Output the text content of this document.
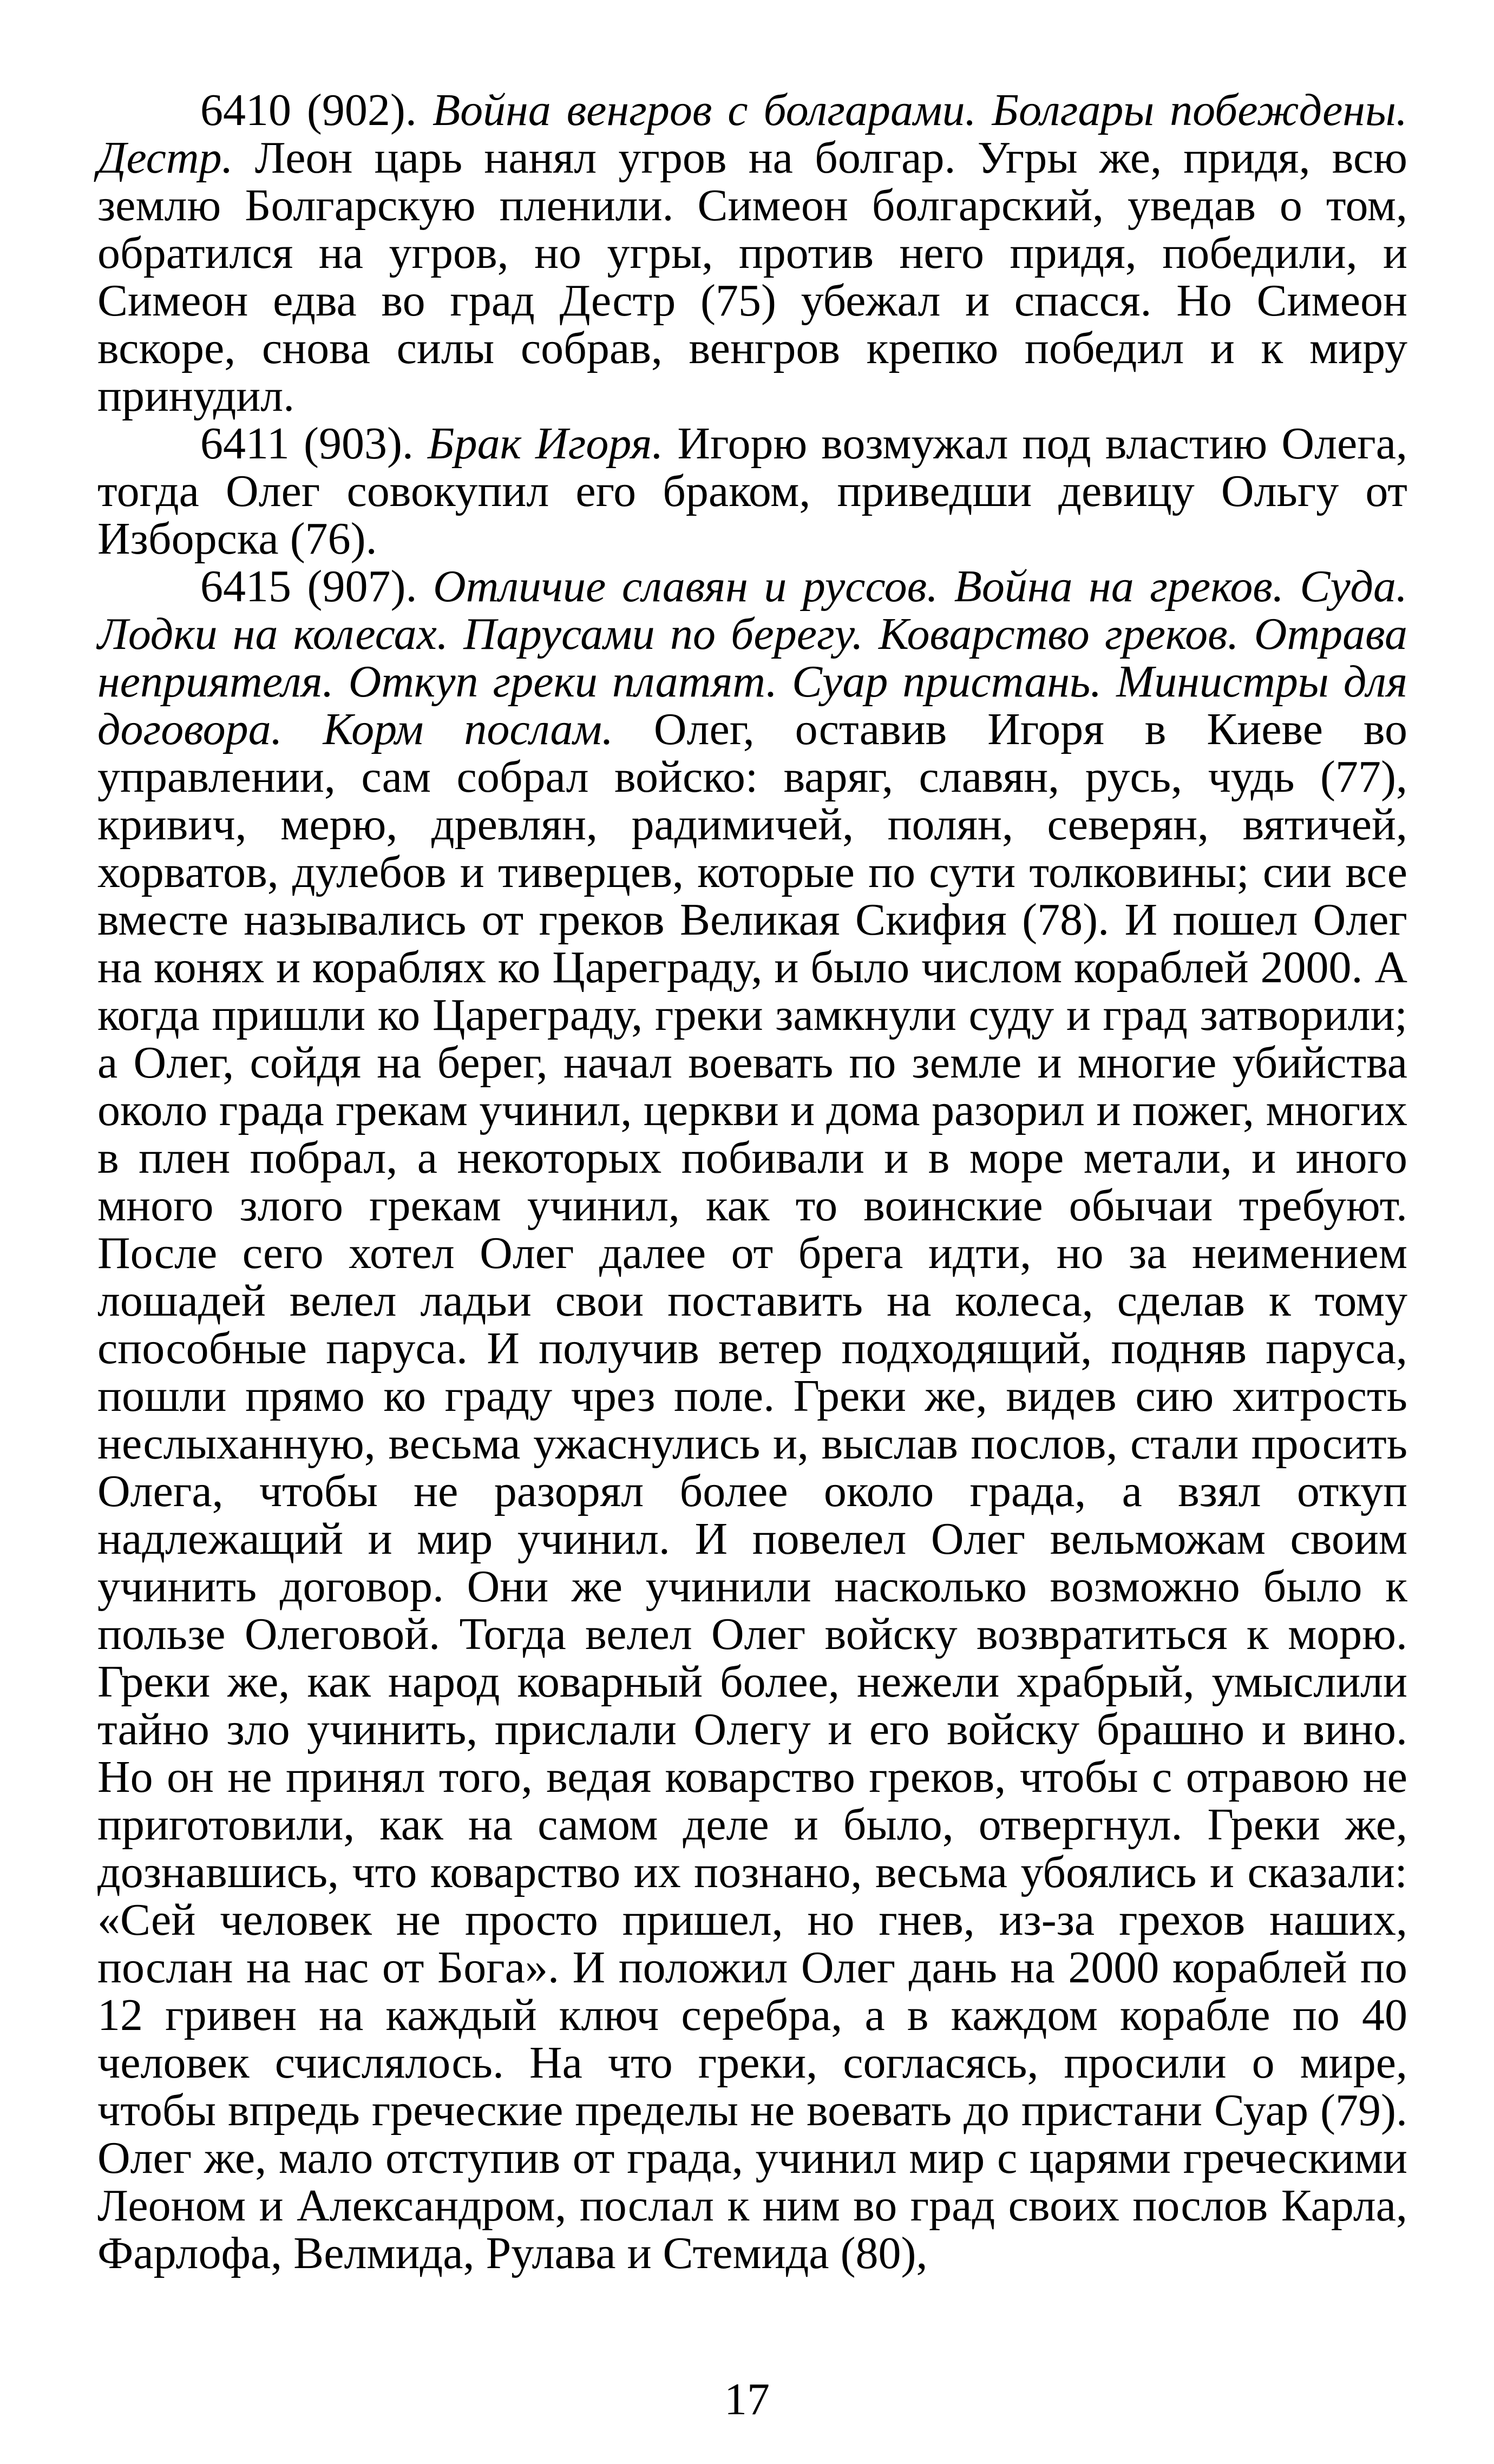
6410 (902). Война венгров с болгарами. Болгары побеждены. Дестр. Леон царь нанял угров на болгар. Угры же, придя, всю землю Болгарскую пленили. Симеон болгарский, уведав о том, обратился на угров, но угры, против него придя, победили, и Симеон едва во град Дестр (75) убежал и спасся. Но Симеон вскоре, снова силы собрав, венгров крепко победил и к миру принудил.

6411 (903). Брак Игоря. Игорю возмужал под властию Олега, тогда Олег совокупил его браком, приведши девицу Ольгу от Изборска (76).

6415 (907). Отличие славян и руссов. Война на греков. Суда. Лодки на колесах. Парусами по берегу. Коварство греков. Отрава неприятеля. Откуп греки платят. Суар пристань. Министры для договора. Корм послам. Олег, оставив Игоря в Киеве во управлении, сам собрал войско: варяг, славян, русь, чудь (77), кривич, мерю, древлян, радимичей, полян, северян, вятичей, хорватов, дулебов и тиверцев, которые по сути толковины; сии все вместе назывались от греков Великая Скифия (78). И пошел Олег на конях и кораблях ко Цареграду, и было числом кораблей 2000. А когда пришли ко Цареграду, греки замкнули суду и град затворили; а Олег, сойдя на берег, начал воевать по земле и многие убийства около града грекам учинил, церкви и дома разорил и пожег, многих в плен побрал, а некоторых побивали и в море метали, и иного много злого грекам учинил, как то воинские обычаи требуют. После сего хотел Олег далее от брега идти, но за неимением лошадей велел ладьи свои поставить на колеса, сделав к тому способные паруса. И получив ветер подходящий, подняв паруса, пошли прямо ко граду чрез поле. Греки же, видев сию хитрость неслыханную, весьма ужаснулись и, выслав послов, стали просить Олега, чтобы не разорял более около града, а взял откуп надлежащий и мир учинил. И повелел Олег вельможам своим учинить договор. Они же учинили насколько возможно было к пользе Олеговой. Тогда велел Олег войску возвратиться к морю. Греки же, как народ коварный более, нежели храбрый, умыслили тайно зло учинить, прислали Олегу и его войску брашно и вино. Но он не принял того, ведая коварство греков, чтобы с отравою не приготовили, как на самом деле и было, отвергнул. Греки же, дознавшись, что коварство их познано, весьма убоялись и сказали: «Сей человек не просто пришел, но гнев, из-за грехов наших, послан на нас от Бога». И положил Олег дань на 2000 кораблей по 12 гривен на каждый ключ серебра, а в каждом корабле по 40 человек счислялось. На что греки, согласясь, просили о мире, чтобы впредь греческие пределы не воевать до пристани Суар (79). Олег же, мало отступив от града, учинил мир с царями греческими Леоном и Александром, послал к ним во град своих послов Карла, Фарлофа, Велмида, Рулава и Стемида (80),

17
